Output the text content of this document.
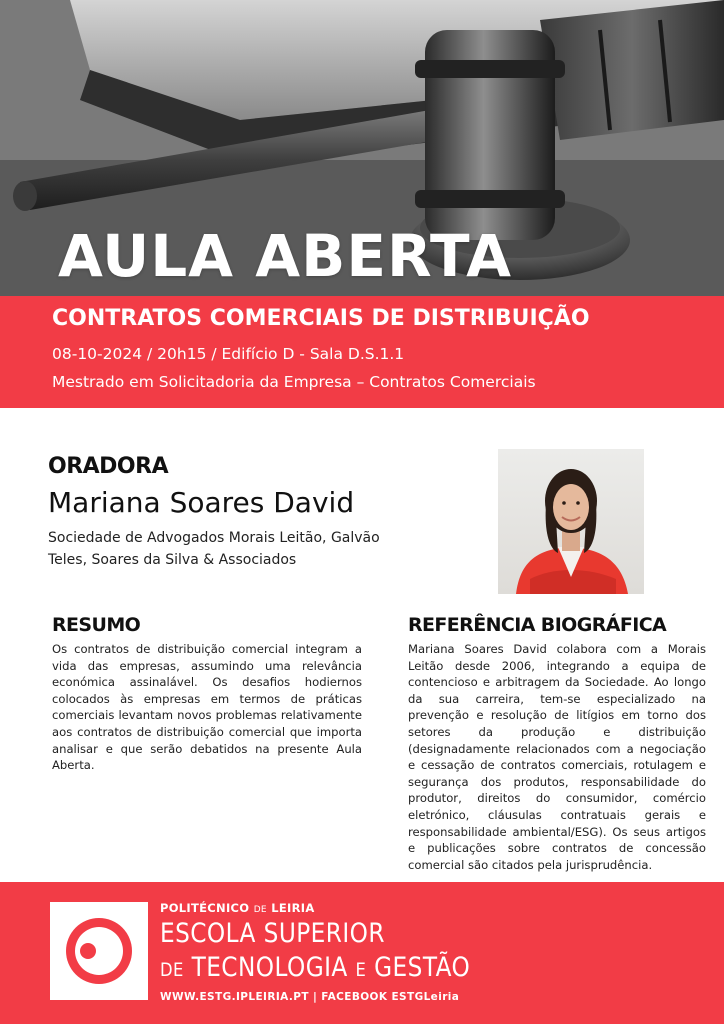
AULA ABERTA
CONTRATOS COMERCIAIS DE DISTRIBUIÇÃO
08-10-2024 / 20h15 / Edifício D - Sala D.S.1.1
Mestrado em Solicitadoria da Empresa – Contratos Comerciais
ORADORA
Mariana Soares David
Sociedade de Advogados Morais Leitão, Galvão Teles, Soares da Silva & Associados
RESUMO
Os contratos de distribuição comercial integram a vida das empresas, assumindo uma relevância económica assinalável. Os desafios hodiernos colocados às empresas em termos de práticas comerciais levantam novos problemas relativamente aos contratos de distribuição comercial que importa analisar e que serão debatidos na presente Aula Aberta.
REFERÊNCIA BIOGRÁFICA
Mariana Soares David colabora com a Morais Leitão desde 2006, integrando a equipa de contencioso e arbitragem da Sociedade. Ao longo da sua carreira, tem-se especializado na prevenção e resolução de litígios em torno dos setores da produção e distribuição (designadamente relacionados com a negociação e cessação de contratos comerciais, rotulagem e segurança dos produtos, responsabilidade do produtor, direitos do consumidor, comércio eletrónico, cláusulas contratuais gerais e responsabilidade ambiental/ESG). Os seus artigos e publicações sobre contratos de concessão comercial são citados pela jurisprudência.
POLITÉCNICO DE LEIRIA
ESCOLA SUPERIOR
DE TECNOLOGIA E GESTÃO
WWW.ESTG.IPLEIRIA.PT | FACEBOOK ESTGLeiria
